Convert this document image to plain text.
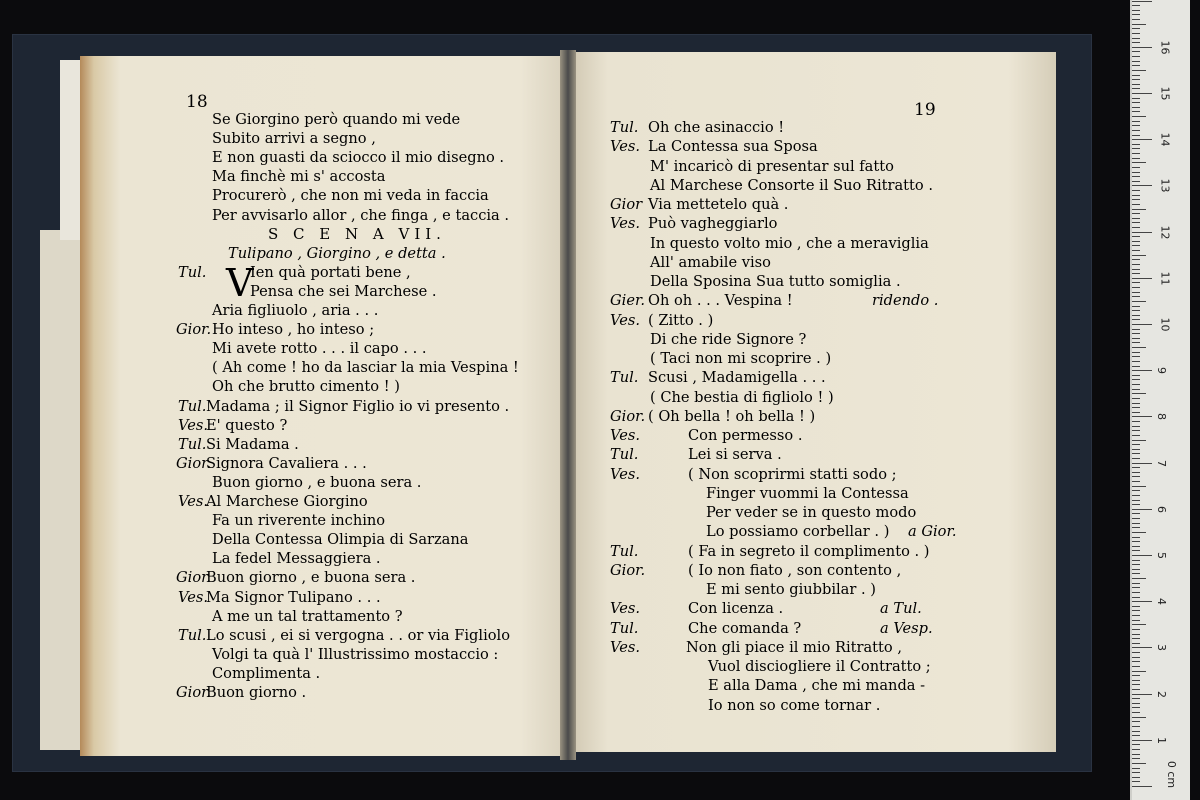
0 cm
1
2
3
4
5
6
7
8
9
10
11
12
13
14
15
16
18
Se Giorgino però quando mi vede
Subito arrivi a segno ,
E non guasti da sciocco il mio disegno .
Ma finchè mi s' accosta
Procurerò , che non mi veda in faccia
Per avvisarlo allor , che finga , e taccia .
S C E N A VII.
Tulipano , Giorgino , e detta .
Tul.	Ien quà portati bene ,
Pensa che sei Marchese .
Aria figliuolo , aria . . .
Gior. Ho inteso , ho inteso ;
Mi avete rotto . . . il capo . . .
( Ah come ! ho da lasciar la mia Vespina !
Oh che brutto cimento ! )
Tul. Madama ; il Signor Figlio io vi presento .
Ves.
E' questo ?
Tul. Si Madama .
Gior.
Signora Cavaliera . . .
Buon giorno , e buona sera .
Ves.
Al Marchese Giorgino
Fa un riverente inchino
Della Contessa Olimpia di Sarzana
La fedel Messaggiera .
Gior.
Buon giorno , e buona sera .
Ves.
Ma Signor Tulipano . . .
A me un tal trattamento ?
Tul. Lo scusi , ei si vergogna . . or via Figliolo
Volgi ta quà l' Illustrissimo mostaccio :
Complimenta .
Gior.
Buon giorno .
V
19
Tul. Oh che asinaccio !
Ves. La Contessa sua Sposa
M' incaricò di presentar sul fatto
Al Marchese Consorte il Suo Ritratto .
Gior Via mettetelo quà .
Ves. Può vagheggiarlo
In questo volto mio , che a meraviglia
All' amabile viso
Della Sposina Sua tutto somiglia .
Gier. Oh oh . . . Vespina !	ridendo .
Ves. ( Zitto . )
Di che ride Signore ?
( Taci non mi scoprire . )
Tul. Scusi , Madamigella . . .
( Che bestia di figliolo ! )
Gior. ( Oh bella ! oh bella ! )
Ves.	Con permesso .
Tul.	Lei si serva .
Ves.	( Non scoprirmi statti sodo ;
Finger vuommi la Contessa
Per veder se in questo modo
Lo possiamo corbellar . ) a Gior.
Tul.	( Fa in segreto il complimento . )
Gior.	( Io non fiato , son contento ,
E mi sento giubbilar . )
Ves.	Con licenza .	a Tul.
Tul.	Che comanda ?	a Vesp.
Ves.	Non gli piace il mio Ritratto ,
Vuol disciogliere il Contratto ;
E alla Dama , che mi manda -
Io non so come tornar .
